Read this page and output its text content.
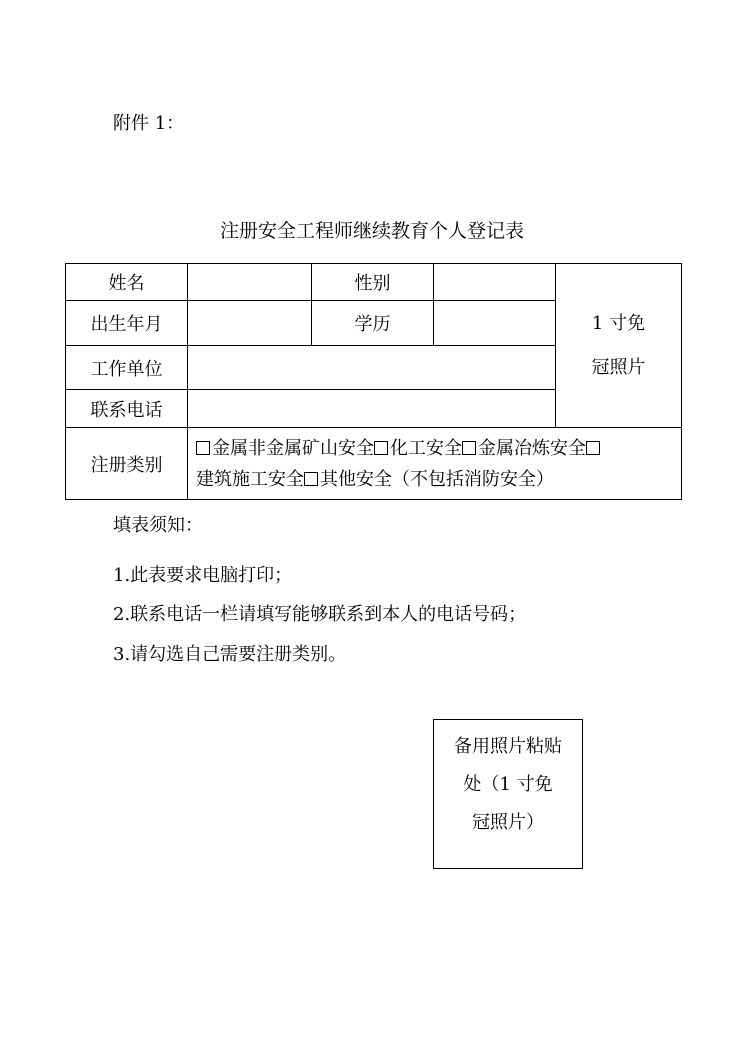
附件 1：
注册安全工程师继续教育个人登记表
姓名		性别		1 寸免
冠照片

出生年月		学历		
工作单位				
联系电话				
注册类别	金属非金属矿山安全 化工安全 金属冶炼安全
建筑施工安全 其他安全（不包括消防安全）			
填表须知：
1.此表要求电脑打印；
2.联系电话一栏请填写能够联系到本人的电话号码；
3.请勾选自己需要注册类别。
备用照片粘贴
处（1 寸免
冠照片）
